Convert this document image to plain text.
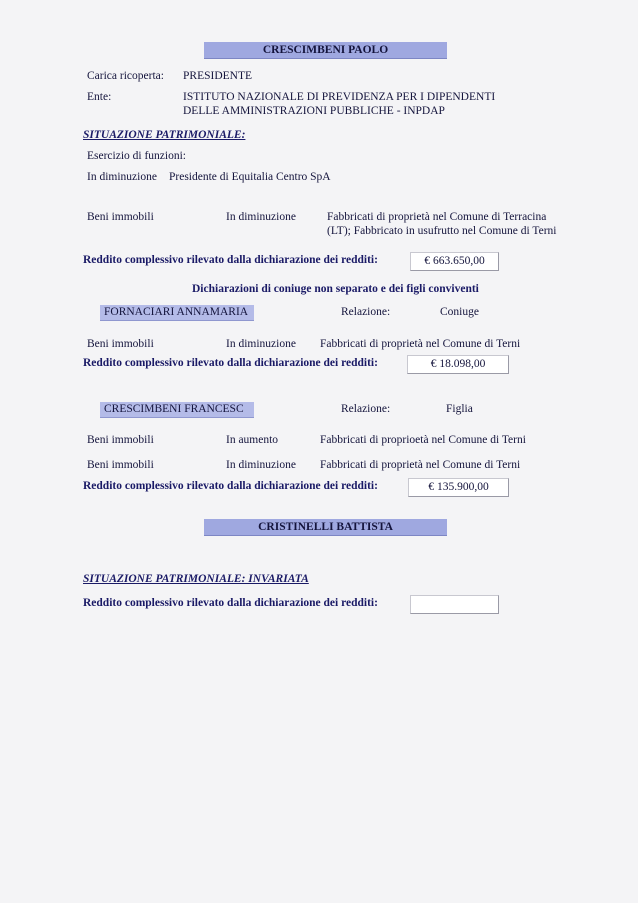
CRESCIMBENI PAOLO
Carica ricoperta: PRESIDENTE
Ente:	ISTITUTO NAZIONALE DI PREVIDENZA PER I DIPENDENTI
DELLE AMMINISTRAZIONI PUBBLICHE - INPDAP
SITUAZIONE PATRIMONIALE:
Esercizio di funzioni:
In diminuzione Presidente di Equitalia Centro SpA
Beni immobili	In diminuzione	Fabbricati di proprietà nel Comune di Terracina
(LT); Fabbricato in usufrutto nel Comune di Terni
Reddito complessivo rilevato dalla dichiarazione dei redditi:	€ 663.650,00
Dichiarazioni di coniuge non separato e dei figli conviventi
FORNACIARI ANNAMARIA	Relazione:	Coniuge
Beni immobili	In diminuzione Fabbricati di proprietà nel Comune di Terni
Reddito complessivo rilevato dalla dichiarazione dei redditi:	€ 18.098,00
CRESCIMBENI FRANCESC	Relazione:	Figlia
Beni immobili	In aumento	Fabbricati di proprioetà nel Comune di Terni
Beni immobili	In diminuzione Fabbricati di proprietà nel Comune di Terni
Reddito complessivo rilevato dalla dichiarazione dei redditi:	€ 135.900,00
CRISTINELLI BATTISTA
SITUAZIONE PATRIMONIALE: INVARIATA
Reddito complessivo rilevato dalla dichiarazione dei redditi:
